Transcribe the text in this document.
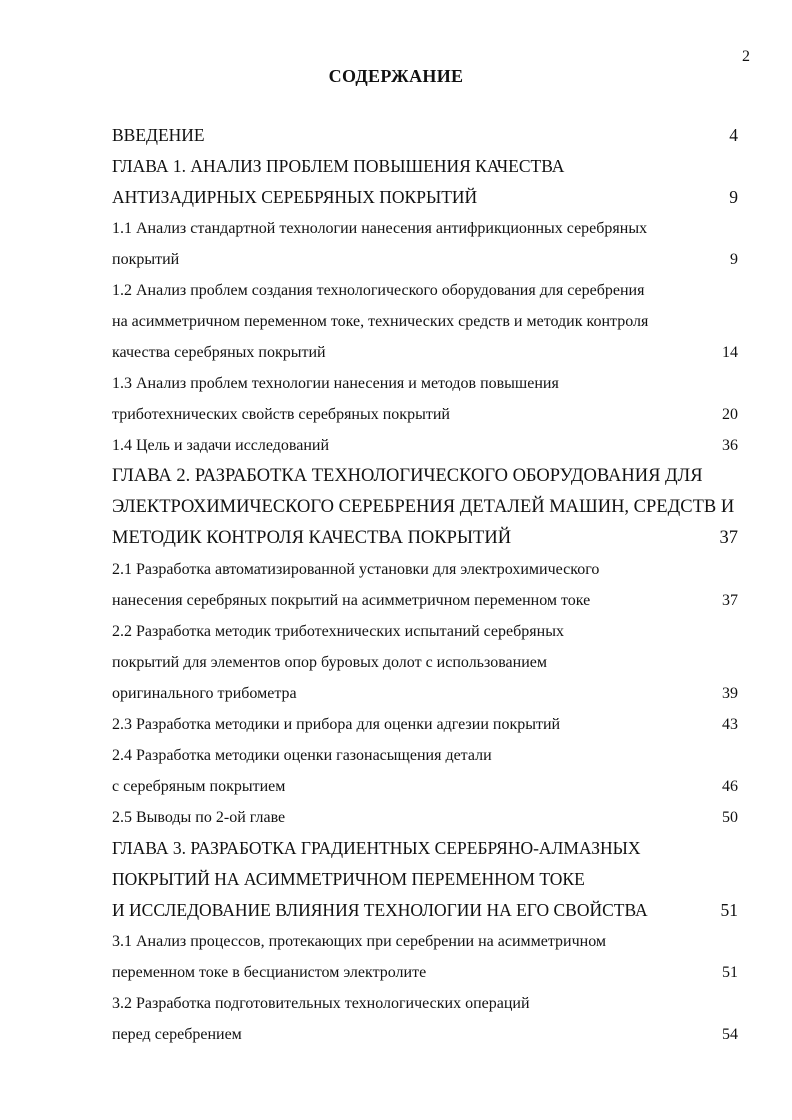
2
СОДЕРЖАНИЕ
ВВЕДЕНИЕ	4
ГЛАВА 1. АНАЛИЗ ПРОБЛЕМ ПОВЫШЕНИЯ КАЧЕСТВА
АНТИЗАДИРНЫХ СЕРЕБРЯНЫХ ПОКРЫТИЙ	9
1.1 Анализ стандартной технологии нанесения антифрикционных серебряных
покрытий	9
1.2 Анализ проблем создания технологического оборудования для серебрения
на асимметричном переменном токе, технических средств и методик контроля
качества серебряных покрытий	14
1.3 Анализ проблем технологии нанесения и методов повышения
триботехнических свойств серебряных покрытий	20
1.4 Цель и задачи исследований	36
ГЛАВА 2. РАЗРАБОТКА ТЕХНОЛОГИЧЕСКОГО ОБОРУДОВАНИЯ ДЛЯ
ЭЛЕКТРОХИМИЧЕСКОГО СЕРЕБРЕНИЯ ДЕТАЛЕЙ МАШИН, СРЕДСТВ И
МЕТОДИК КОНТРОЛЯ КАЧЕСТВА ПОКРЫТИЙ	37
2.1 Разработка автоматизированной установки для электрохимического
нанесения серебряных покрытий на асимметричном переменном токе	37
2.2 Разработка методик триботехнических испытаний серебряных
покрытий для элементов опор буровых долот с использованием
оригинального трибометра	39
2.3 Разработка методики и прибора для оценки адгезии покрытий	43
2.4 Разработка методики оценки газонасыщения детали
с серебряным покрытием	46
2.5 Выводы по 2-ой главе	50
ГЛАВА 3. РАЗРАБОТКА ГРАДИЕНТНЫХ СЕРЕБРЯНО-АЛМАЗНЫХ
ПОКРЫТИЙ НА АСИММЕТРИЧНОМ ПЕРЕМЕННОМ ТОКЕ
И ИССЛЕДОВАНИЕ ВЛИЯНИЯ ТЕХНОЛОГИИ НА ЕГО СВОЙСТВА	51
3.1 Анализ процессов, протекающих при серебрении на асимметричном
переменном токе в бесцианистом электролите	51
3.2 Разработка подготовительных технологических операций
перед серебрением	54
